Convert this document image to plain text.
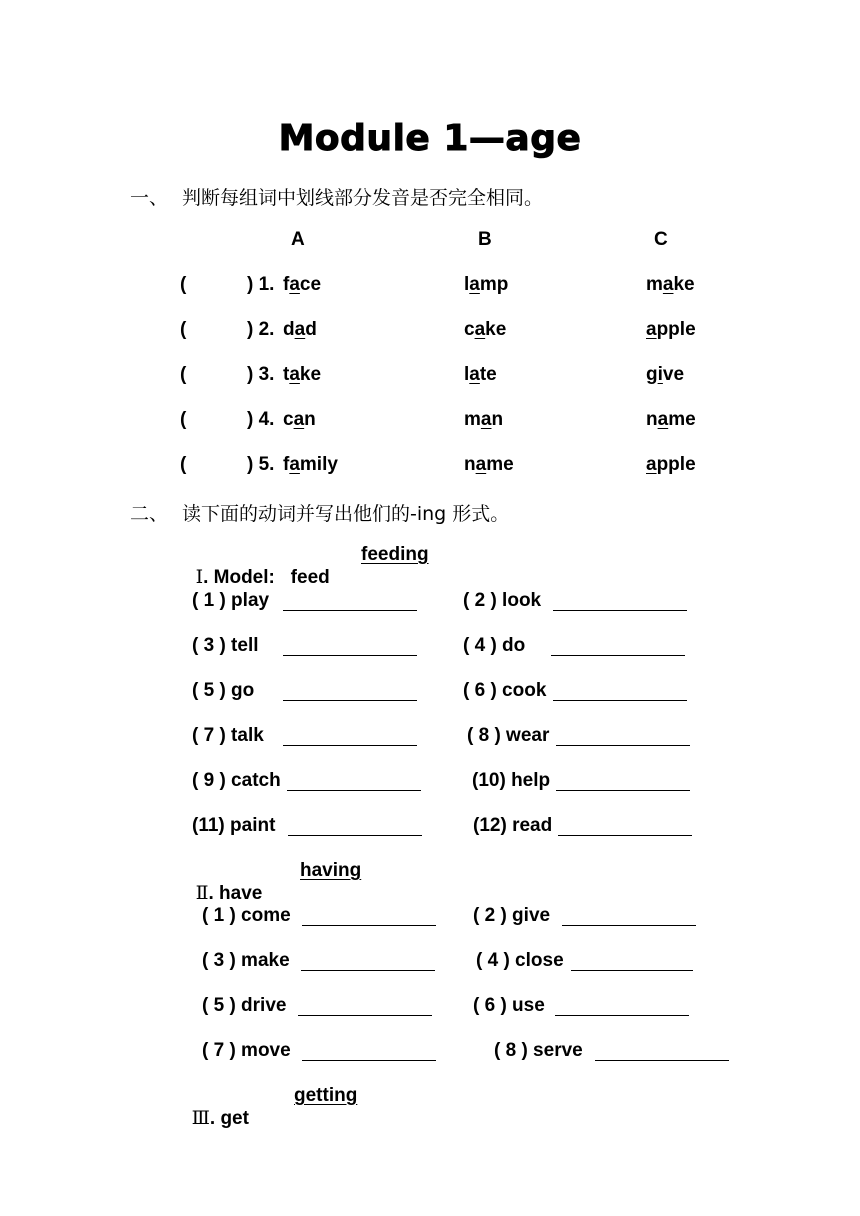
Module 1—age
一、 判断每组词中划线部分发音是否完全相同。
A	B	C
(	) 1. face	lamp	make
(	) 2. dad	cake	apple
(	) 3. take	late	give
(	) 4. can	man	name
(	) 5. family	name	apple
二、 读下面的动词并写出他们的-ing 形式。

Ⅰ. Model:   feed

feeding
( 1 ) play	( 2 ) look
( 3 ) tell	( 4 ) do
( 5 ) go	( 6 ) cook
( 7 ) talk	( 8 ) wear
( 9 ) catch	(10) help
(11) paint	(12) read

Ⅱ. have

having
( 1 ) come	( 2 ) give
( 3 ) make	( 4 ) close
( 5 ) drive	( 6 ) use
( 7 ) move	( 8 ) serve

Ⅲ. get

getting
